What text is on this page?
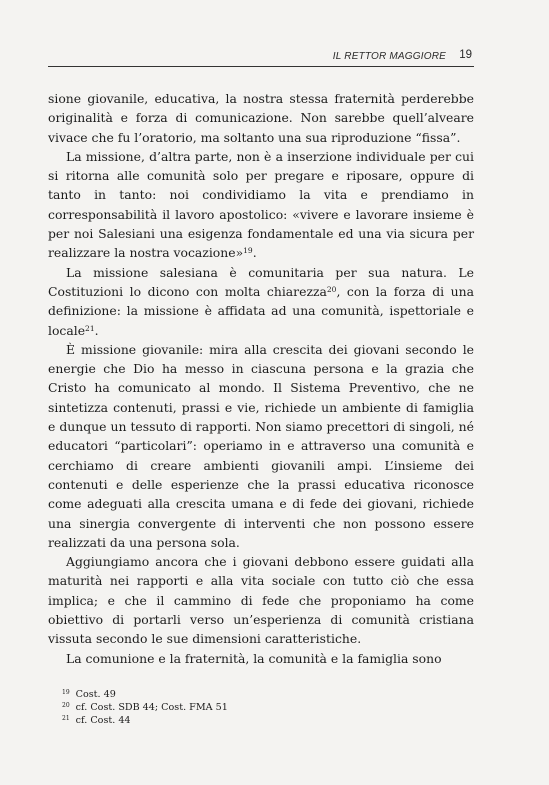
IL RETTOR MAGGIORE 19

sione giovanile, educativa, la nostra stessa fraternità perderebbe originalità e forza di comunicazione. Non sarebbe quell’alveare vivace che fu l’oratorio, ma soltanto una sua riproduzione “fissa”.

La missione, d’altra parte, non è a inserzione individuale per cui si ritorna alle comunità solo per pregare e riposare, oppure di tanto in tanto: noi condividiamo la vita e prendiamo in corresponsabilità il lavoro apostolico: «vivere e lavorare insieme è per noi Salesiani una esigenza fondamentale ed una via sicura per realizzare la nostra vocazione»$^{19}$.

La missione salesiana è comunitaria per sua natura. Le Costituzioni lo dicono con molta chiarezza$^{20}$, con la forza di una definizione: la missione è affidata ad una comunità, ispettoriale e locale$^{21}$.

È missione giovanile: mira alla crescita dei giovani secondo le energie che Dio ha messo in ciascuna persona e la grazia che Cristo ha comunicato al mondo. Il Sistema Preventivo, che ne sintetizza contenuti, prassi e vie, richiede un ambiente di famiglia e dunque un tessuto di rapporti. Non siamo precettori di singoli, né educatori “particolari”: operiamo in e attraverso una comunità e cerchiamo di creare ambienti giovanili ampi. L’insieme dei contenuti e delle esperienze che la prassi educativa riconosce come adeguati alla crescita umana e di fede dei giovani, richiede una sinergia convergente di interventi che non possono essere realizzati da una persona sola.

Aggiungiamo ancora che i giovani debbono essere guidati alla maturità nei rapporti e alla vita sociale con tutto ciò che essa implica; e che il cammino di fede che proponiamo ha come obiettivo di portarli verso un’esperienza di comunità cristiana vissuta secondo le sue dimensioni caratteristiche.

La comunione e la fraternità, la comunità e la famiglia sono

$^{19}$ Cost. 49
$^{20}$ cf. Cost. SDB 44; Cost. FMA 51
$^{21}$ cf. Cost. 44
